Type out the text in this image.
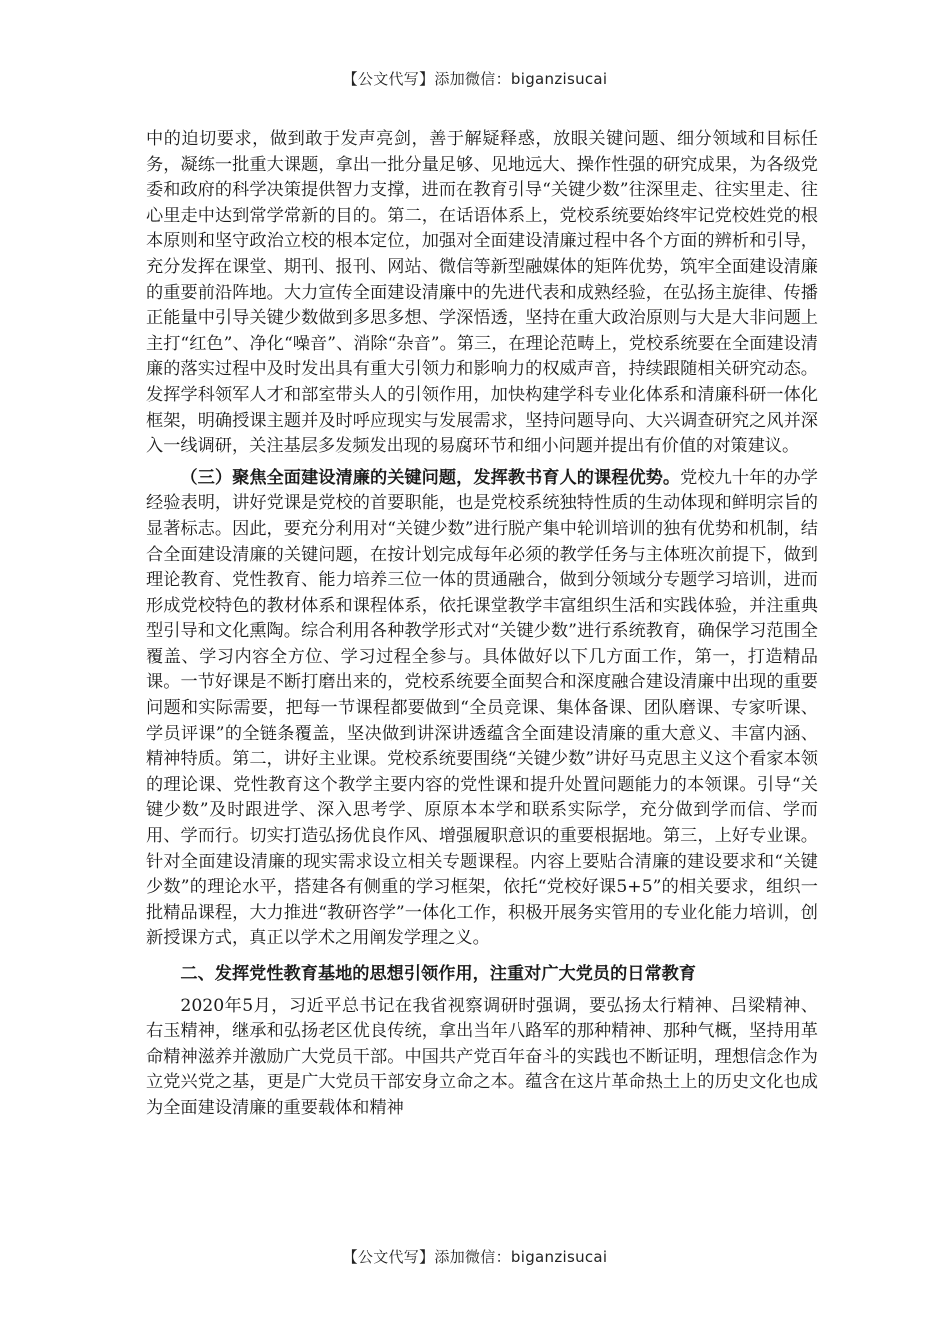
【公文代写】添加微信：biganzisucai

中的迫切要求，做到敢于发声亮剑，善于解疑释惑，放眼关键问题、细分领域和目标任务，凝练一批重大课题，拿出一批分量足够、见地远大、操作性强的研究成果，为各级党委和政府的科学决策提供智力支撑，进而在教育引导“关键少数”往深里走、往实里走、往心里走中达到常学常新的目的。第二，在话语体系上，党校系统要始终牢记党校姓党的根本原则和坚守政治立校的根本定位，加强对全面建设清廉过程中各个方面的辨析和引导，充分发挥在课堂、期刊、报刊、网站、微信等新型融媒体的矩阵优势，筑牢全面建设清廉的重要前沿阵地。大力宣传全面建设清廉中的先进代表和成熟经验，在弘扬主旋律、传播正能量中引导关键少数做到多思多想、学深悟透，坚持在重大政治原则与大是大非问题上主打“红色”、净化“噪音”、消除“杂音”。第三，在理论范畴上，党校系统要在全面建设清廉的落实过程中及时发出具有重大引领力和影响力的权威声音，持续跟随相关研究动态。发挥学科领军人才和部室带头人的引领作用，加快构建学科专业化体系和清廉科研一体化框架，明确授课主题并及时呼应现实与发展需求，坚持问题导向、大兴调查研究之风并深入一线调研，关注基层多发频发出现的易腐环节和细小问题并提出有价值的对策建议。

（三）聚焦全面建设清廉的关键问题，发挥教书育人的课程优势。党校九十年的办学经验表明，讲好党课是党校的首要职能，也是党校系统独特性质的生动体现和鲜明宗旨的显著标志。因此，要充分利用对“关键少数”进行脱产集中轮训培训的独有优势和机制，结合全面建设清廉的关键问题，在按计划完成每年必须的教学任务与主体班次前提下，做到理论教育、党性教育、能力培养三位一体的贯通融合，做到分领域分专题学习培训，进而形成党校特色的教材体系和课程体系，依托课堂教学丰富组织生活和实践体验，并注重典型引导和文化熏陶。综合利用各种教学形式对“关键少数”进行系统教育，确保学习范围全覆盖、学习内容全方位、学习过程全参与。具体做好以下几方面工作，第一，打造精品课。一节好课是不断打磨出来的，党校系统要全面契合和深度融合建设清廉中出现的重要问题和实际需要，把每一节课程都要做到“全员竞课、集体备课、团队磨课、专家听课、学员评课”的全链条覆盖，坚决做到讲深讲透蕴含全面建设清廉的重大意义、丰富内涵、精神特质。第二，讲好主业课。党校系统要围绕“关键少数”讲好马克思主义这个看家本领的理论课、党性教育这个教学主要内容的党性课和提升处置问题能力的本领课。引导“关键少数”及时跟进学、深入思考学、原原本本学和联系实际学，充分做到学而信、学而用、学而行。切实打造弘扬优良作风、增强履职意识的重要根据地。第三，上好专业课。针对全面建设清廉的现实需求设立相关专题课程。内容上要贴合清廉的建设要求和“关键少数”的理论水平，搭建各有侧重的学习框架，依托“党校好课5+5”的相关要求，组织一批精品课程，大力推进“教研咨学”一体化工作，积极开展务实管用的专业化能力培训，创新授课方式，真正以学术之用阐发学理之义。

二、发挥党性教育基地的思想引领作用，注重对广大党员的日常教育

2020年5月，习近平总书记在我省视察调研时强调，要弘扬太行精神、吕梁精神、右玉精神，继承和弘扬老区优良传统，拿出当年八路军的那种精神、那种气概，坚持用革命精神滋养并激励广大党员干部。中国共产党百年奋斗的实践也不断证明，理想信念作为立党兴党之基，更是广大党员干部安身立命之本。蕴含在这片革命热土上的历史文化也成为全面建设清廉的重要载体和精神

【公文代写】添加微信：biganzisucai
